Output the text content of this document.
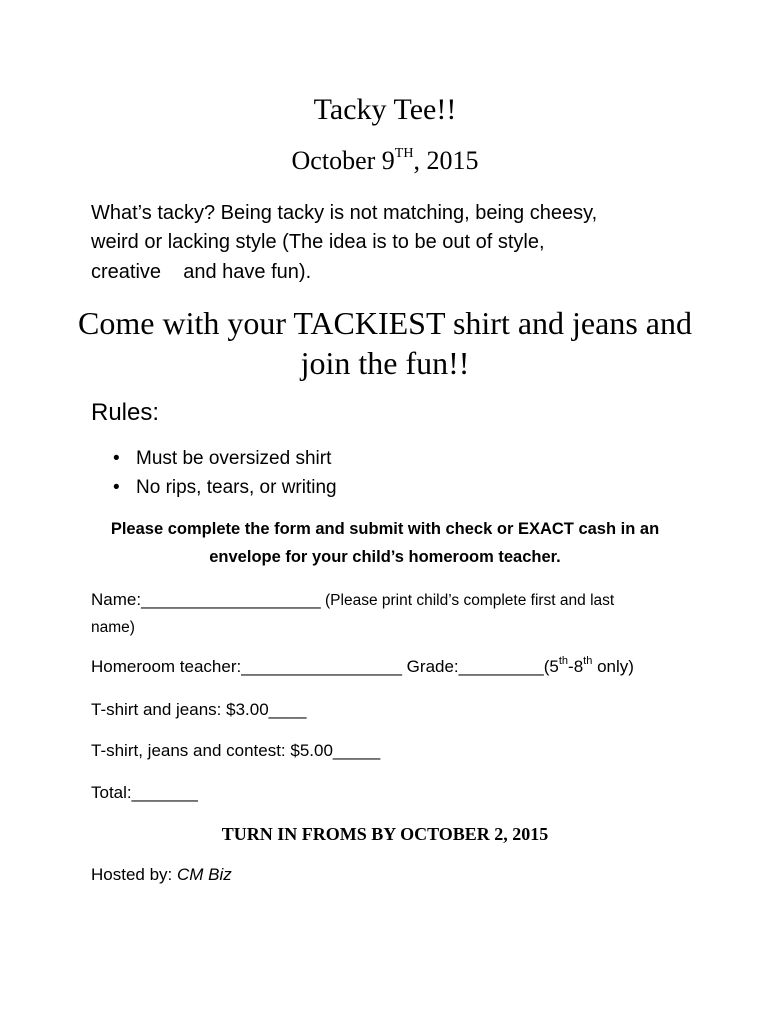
Tacky Tee!!
October 9TH, 2015
What’s tacky? Being tacky is not matching, being cheesy,
weird or lacking style (The idea is to be out of style,
creative    and have fun).
Come with your TACKIEST shirt and jeans and
join the fun!!
Rules:
• Must be oversized shirt
• No rips, tears, or writing
Please complete the form and submit with check or EXACT cash in an
envelope for your child’s homeroom teacher.
Name:___________________ (Please print child’s complete first and last
name)
Homeroom teacher:_________________ Grade:_________(5th-8th only)
T-shirt and jeans: $3.00____
T-shirt, jeans and contest: $5.00_____
Total:_______
TURN IN FROMS BY OCTOBER 2, 2015
Hosted by: CM Biz
